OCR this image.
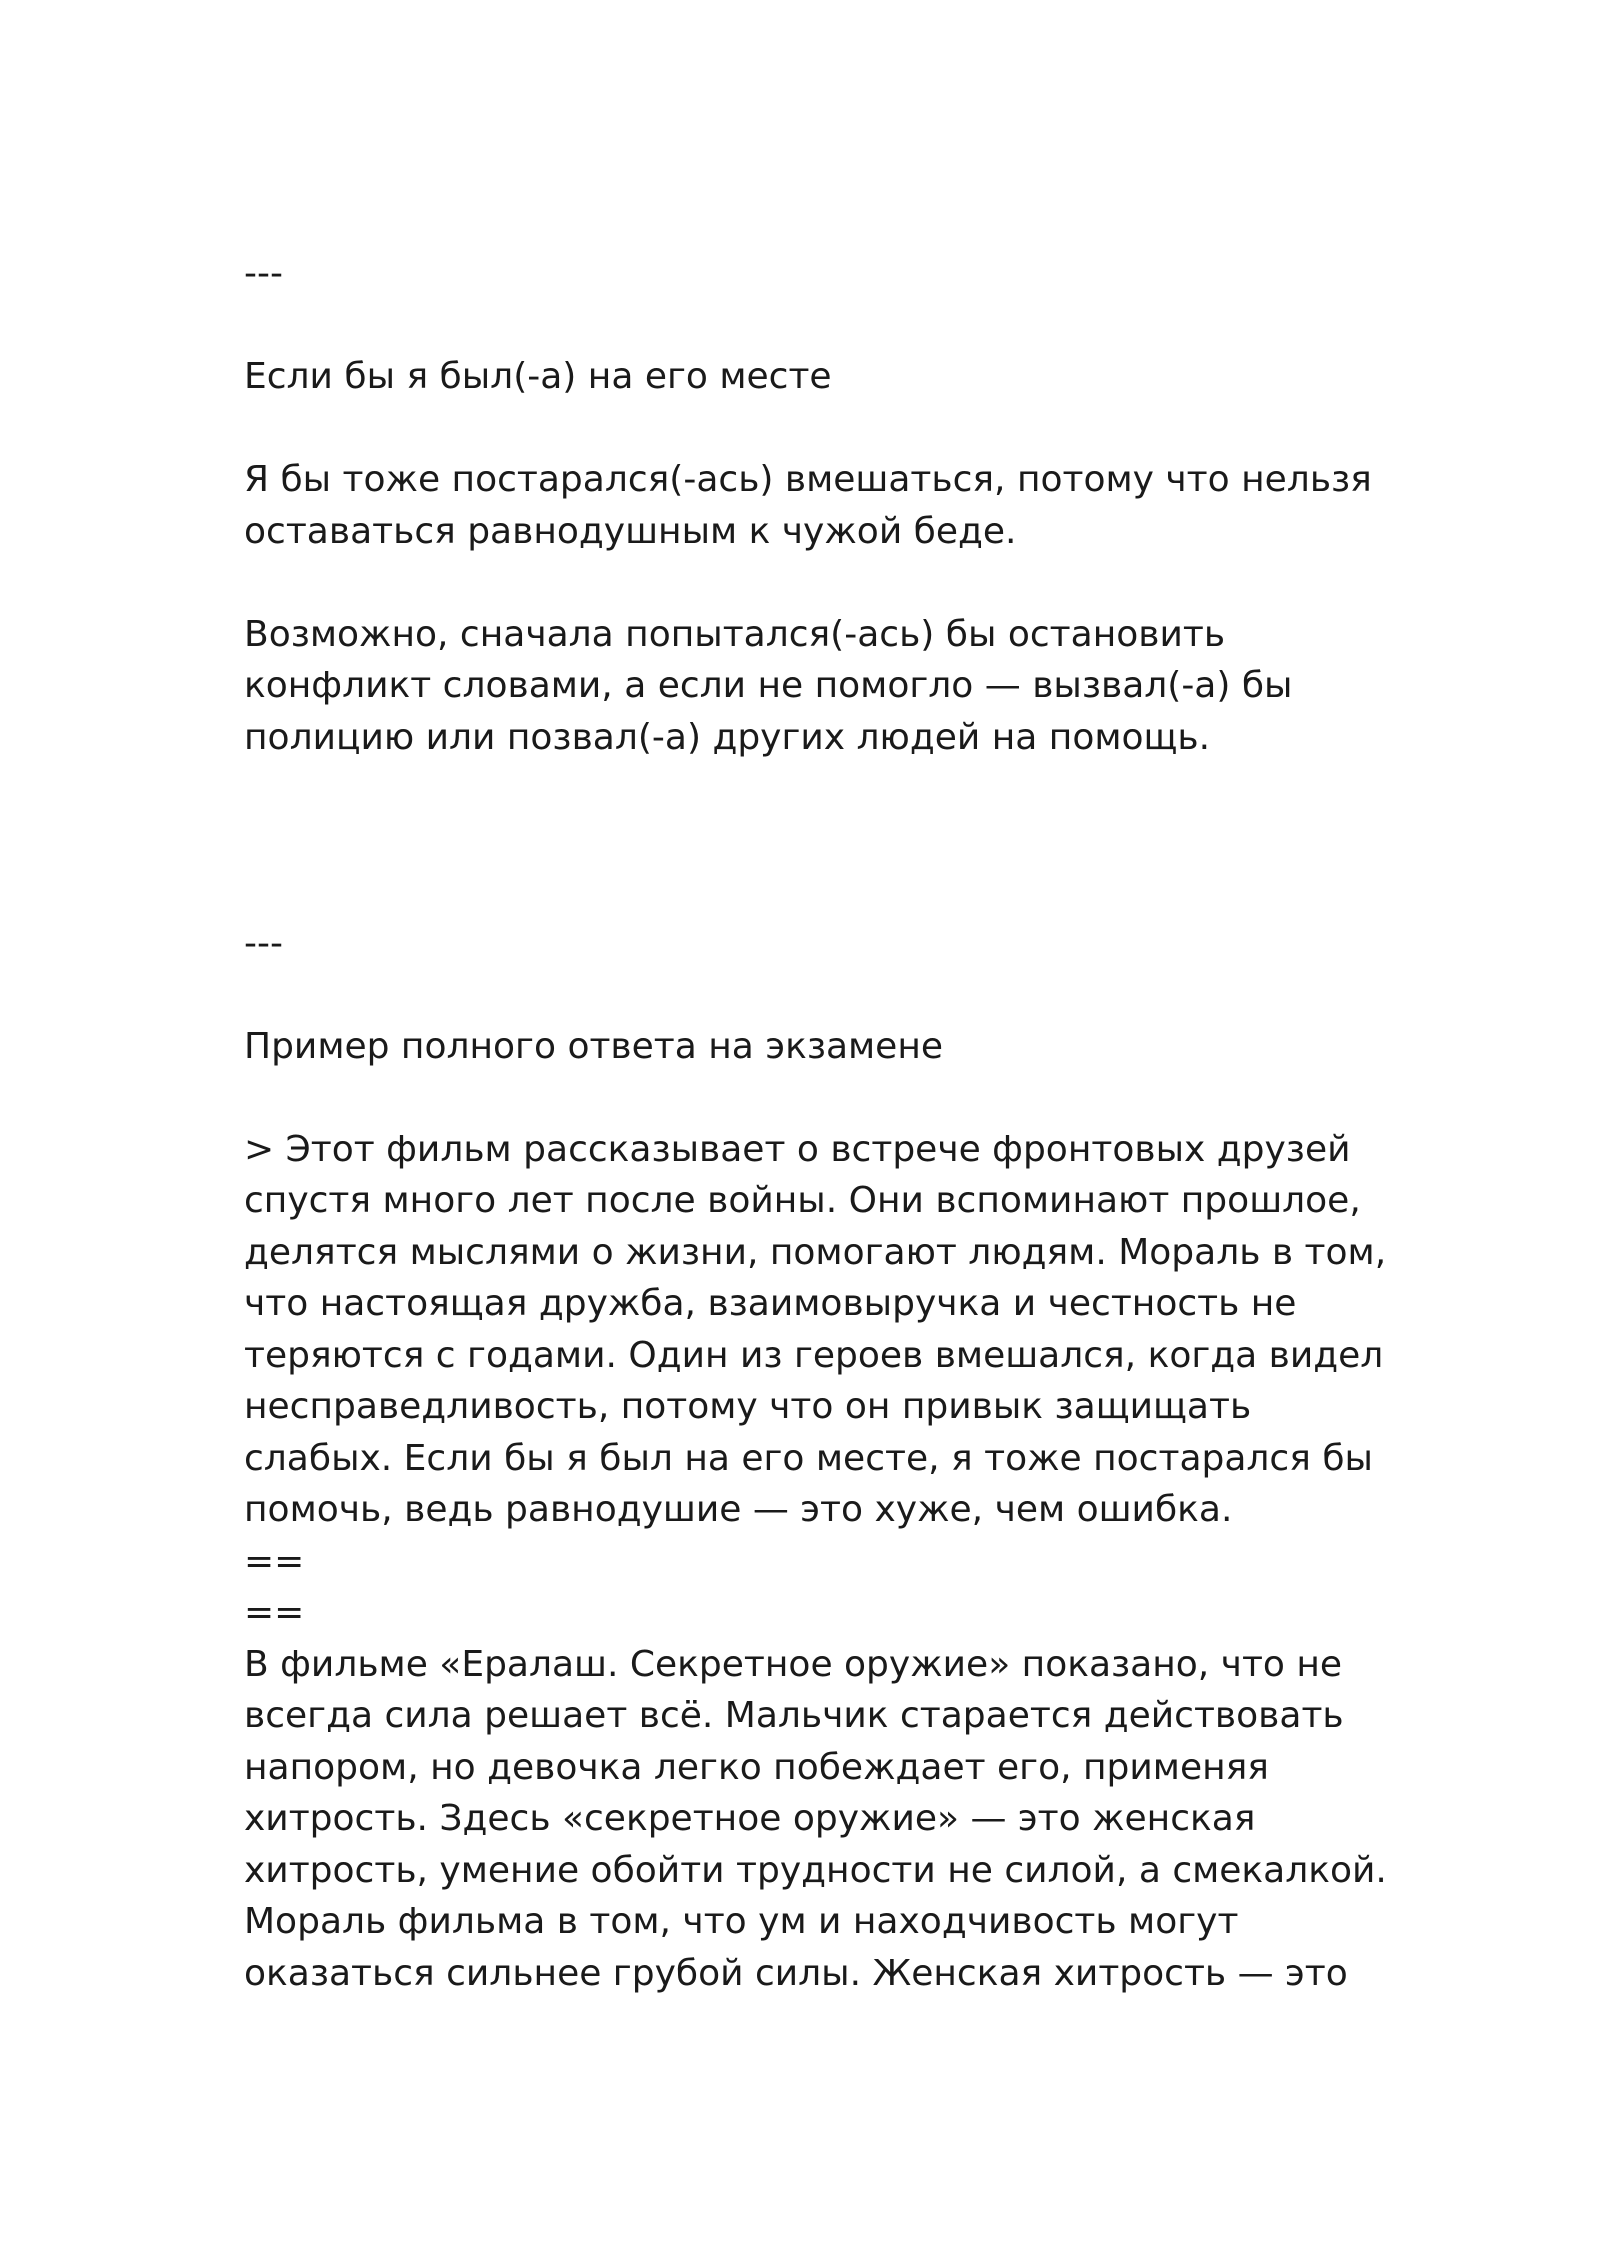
---

Если бы я был(-а) на его месте

Я бы тоже постарался(-ась) вмешаться, потому что нельзя

оставаться равнодушным к чужой беде.

Возможно, сначала попытался(-ась) бы остановить

конфликт словами, а если не помогло — вызвал(-а) бы

полицию или позвал(-а) других людей на помощь.

---

Пример полного ответа на экзамене

> Этот фильм рассказывает о встрече фронтовых друзей

спустя много лет после войны. Они вспоминают прошлое,

делятся мыслями о жизни, помогают людям. Мораль в том,

что настоящая дружба, взаимовыручка и честность не

теряются с годами. Один из героев вмешался, когда видел

несправедливость, потому что он привык защищать

слабых. Если бы я был на его месте, я тоже постарался бы

помочь, ведь равнодушие — это хуже, чем ошибка.

==

==

В фильме «Ералаш. Секретное оружие» показано, что не

всегда сила решает всё. Мальчик старается действовать

напором, но девочка легко побеждает его, применяя

хитрость. Здесь «секретное оружие» — это женская

хитрость, умение обойти трудности не силой, а смекалкой.

Мораль фильма в том, что ум и находчивость могут

оказаться сильнее грубой силы. Женская хитрость — это
